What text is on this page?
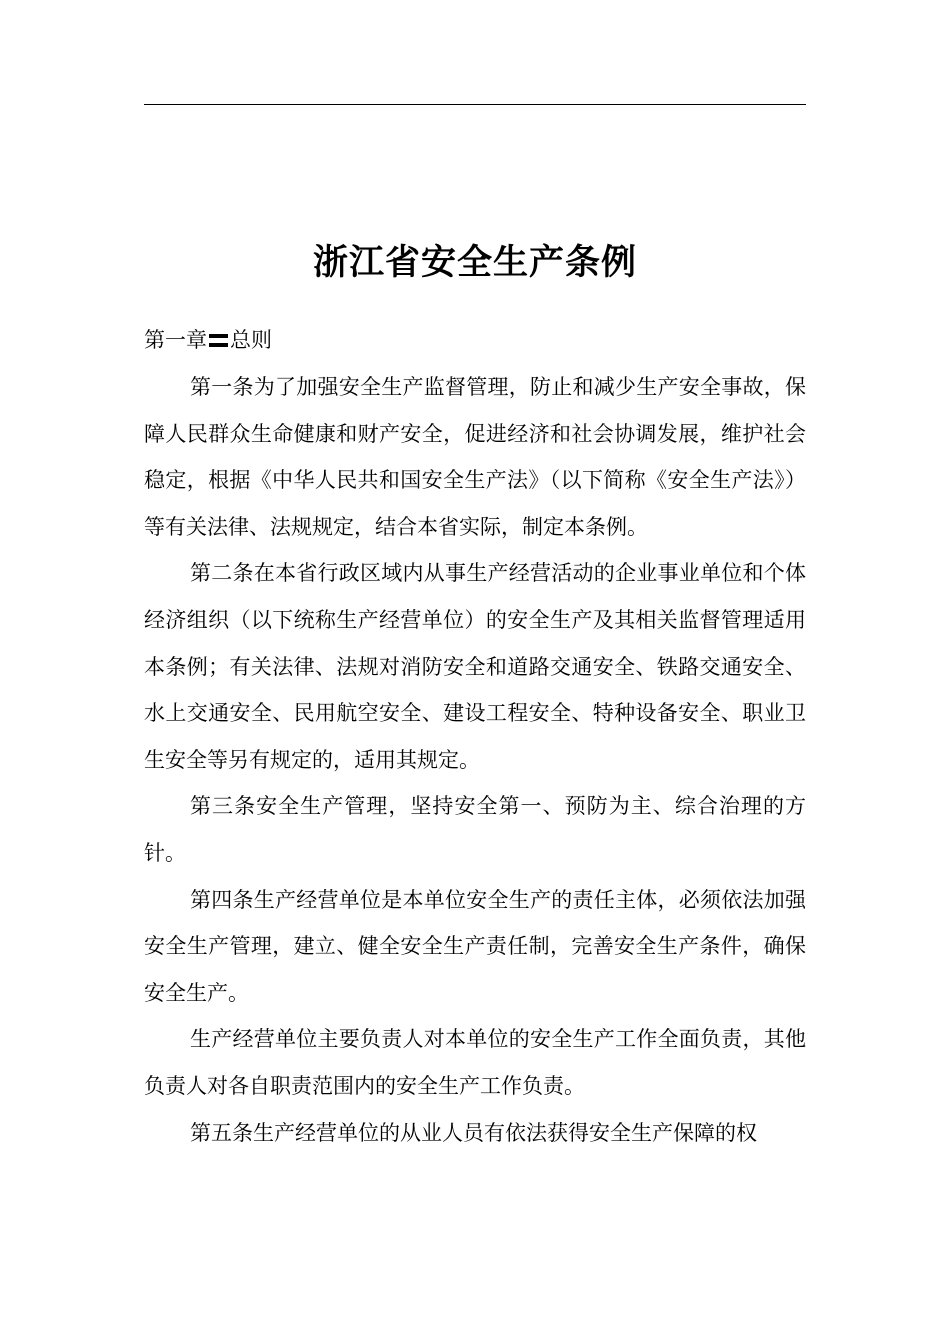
浙江省安全生产条例
第一章 总则

第一条为了加强安全生产监督管理，防止和减少生产安全事故，保障人民群众生命健康和财产安全，促进经济和社会协调发展，维护社会稳定，根据《中华人民共和国安全生产法》（以下简称《安全生产法》）等有关法律、法规规定，结合本省实际，制定本条例。

第二条在本省行政区域内从事生产经营活动的企业事业单位和个体经济组织（以下统称生产经营单位）的安全生产及其相关监督管理适用本条例；有关法律、法规对消防安全和道路交通安全、铁路交通安全、水上交通安全、民用航空安全、建设工程安全、特种设备安全、职业卫生安全等另有规定的，适用其规定。

第三条安全生产管理，坚持安全第一、预防为主、综合治理的方针。

第四条生产经营单位是本单位安全生产的责任主体，必须依法加强安全生产管理，建立、健全安全生产责任制，完善安全生产条件，确保安全生产。

生产经营单位主要负责人对本单位的安全生产工作全面负责，其他负责人对各自职责范围内的安全生产工作负责。

第五条生产经营单位的从业人员有依法获得安全生产保障的权
